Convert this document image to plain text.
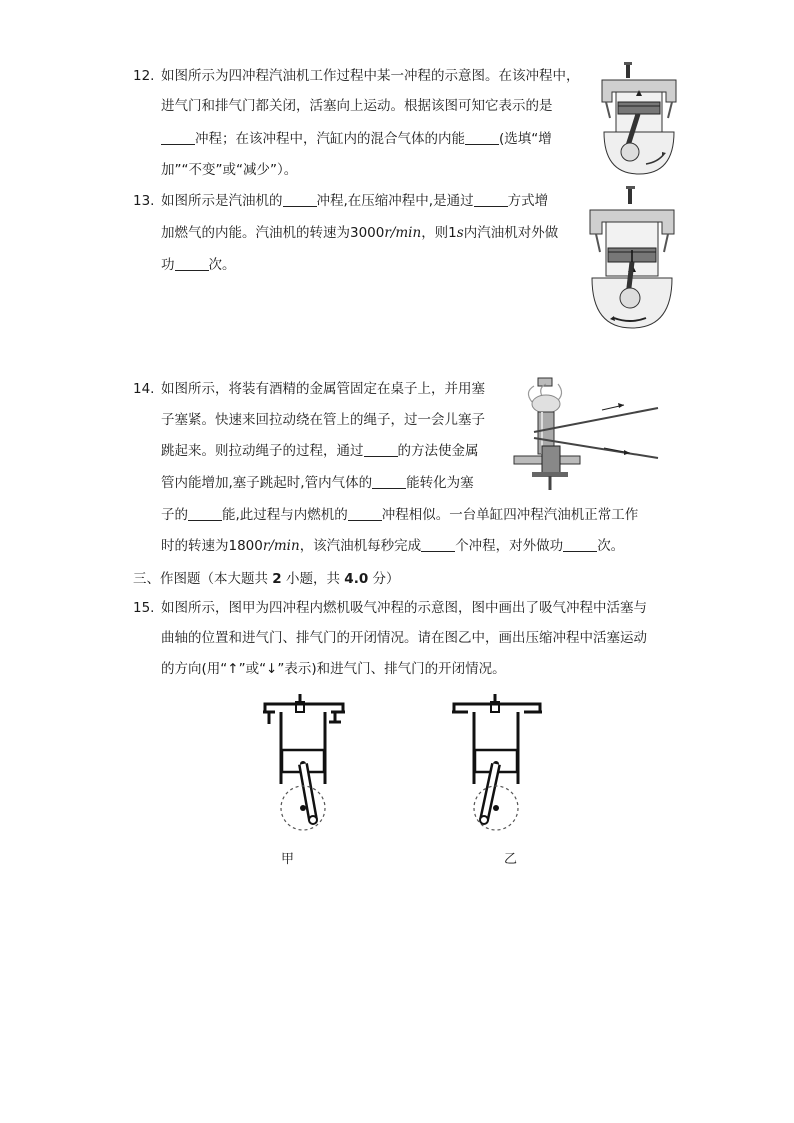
12. 如图所示为四冲程汽油机工作过程中某一冲程的示意图。在该冲程中，
进气门和排气门都关闭，活塞向上运动。根据该图可知它表示的是
冲程；在该冲程中，汽缸内的混合气体的内能	(选填“增
加”“不变”或“减少”）。
13. 如图所示是汽油机的	冲程,在压缩冲程中,是通过	方式增
加燃气的内能。汽油机的转速为3000r/min，则1s内汽油机对外做
功	次。
14. 如图所示，将装有酒精的金属管固定在桌子上，并用塞
子塞紧。快速来回拉动绕在管上的绳子，过一会儿塞子
跳起来。则拉动绳子的过程，通过	的方法使金属
管内能增加,塞子跳起时,管内气体的	能转化为塞
子的	能,此过程与内燃机的	冲程相似。一台单缸四冲程汽油机正常工作
时的转速为1800r/min，该汽油机每秒完成	个冲程，对外做功	次。
三、作图题（本大题共 2 小题，共 4.0 分）
15. 如图所示，图甲为四冲程内燃机吸气冲程的示意图，图中画出了吸气冲程中活塞与
曲轴的位置和进气门、排气门的开闭情况。请在图乙中，画出压缩冲程中活塞运动
的方向(用“↑”或“↓”表示)和进气门、排气门的开闭情况。
甲	乙
